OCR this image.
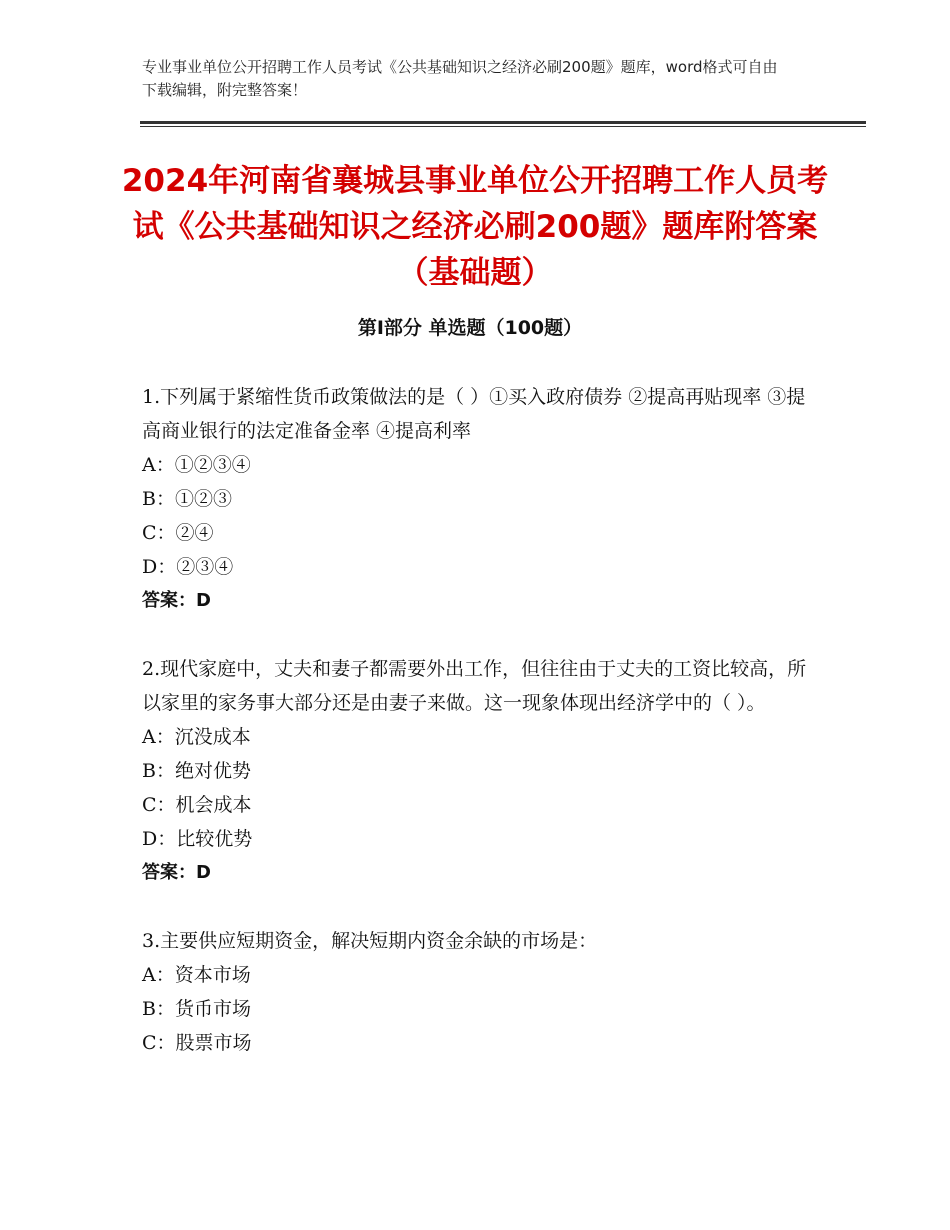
专业事业单位公开招聘工作人员考试《公共基础知识之经济必刷200题》题库，word格式可自由下载编辑，附完整答案！
2024年河南省襄城县事业单位公开招聘工作人员考试《公共基础知识之经济必刷200题》题库附答案（基础题）
第Ⅰ部分 单选题（100题）
1.下列属于紧缩性货币政策做法的是（ ）①买入政府债券 ②提高再贴现率 ③提高商业银行的法定准备金率 ④提高利率
A：①②③④
B：①②③
C：②④
D：②③④
答案：D
2.现代家庭中，丈夫和妻子都需要外出工作，但往往由于丈夫的工资比较高，所以家里的家务事大部分还是由妻子来做。这一现象体现出经济学中的（ ）。
A：沉没成本
B：绝对优势
C：机会成本
D：比较优势
答案：D
3.主要供应短期资金，解决短期内资金余缺的市场是：
A：资本市场
B：货币市场
C：股票市场
